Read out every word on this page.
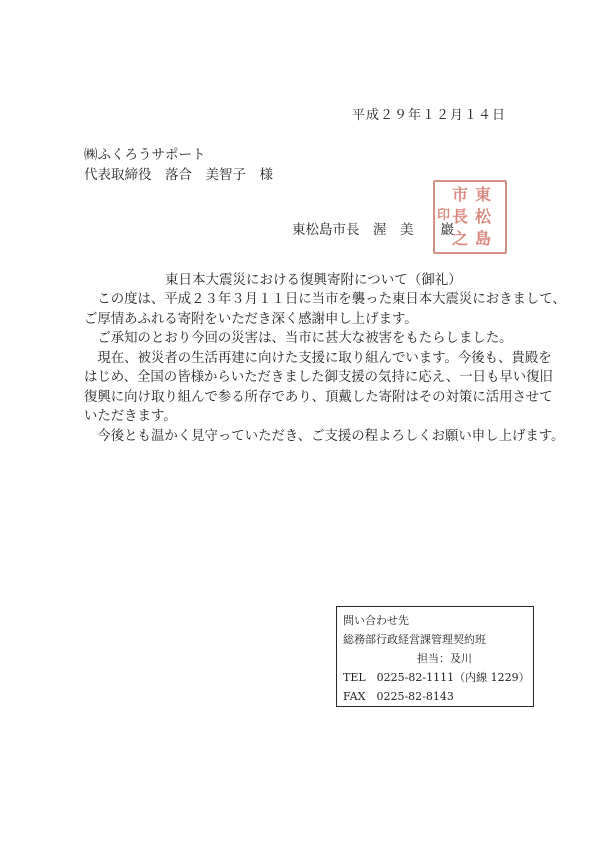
平成２９年１２月１４日
㈱ふくろうサポート
代表取締役　落合　美智子　様
東松島市長　渥　美　　巖
東
松
島
市
長
之
印
東日本大震災における復興寄附について（御礼）

　この度は、平成２３年３月１１日に当市を襲った東日本大震災におきまして、

ご厚情あふれる寄附をいただき深く感謝申し上げます。

　ご承知のとおり今回の災害は、当市に甚大な被害をもたらしました。

　現在、被災者の生活再建に向けた支援に取り組んでいます。今後も、貴殿を

はじめ、全国の皆様からいただきました御支援の気持に応え、一日も早い復旧

復興に向け取り組んで参る所存であり、頂戴した寄附はその対策に活用させて

いただきます。

　今後とも温かく見守っていただき、ご支援の程よろしくお願い申し上げます。

問い合わせ先
総務部行政経営課管理契約班
担当：及川
TEL　0225-82-1111（内線 1229）
FAX　0225-82-8143
